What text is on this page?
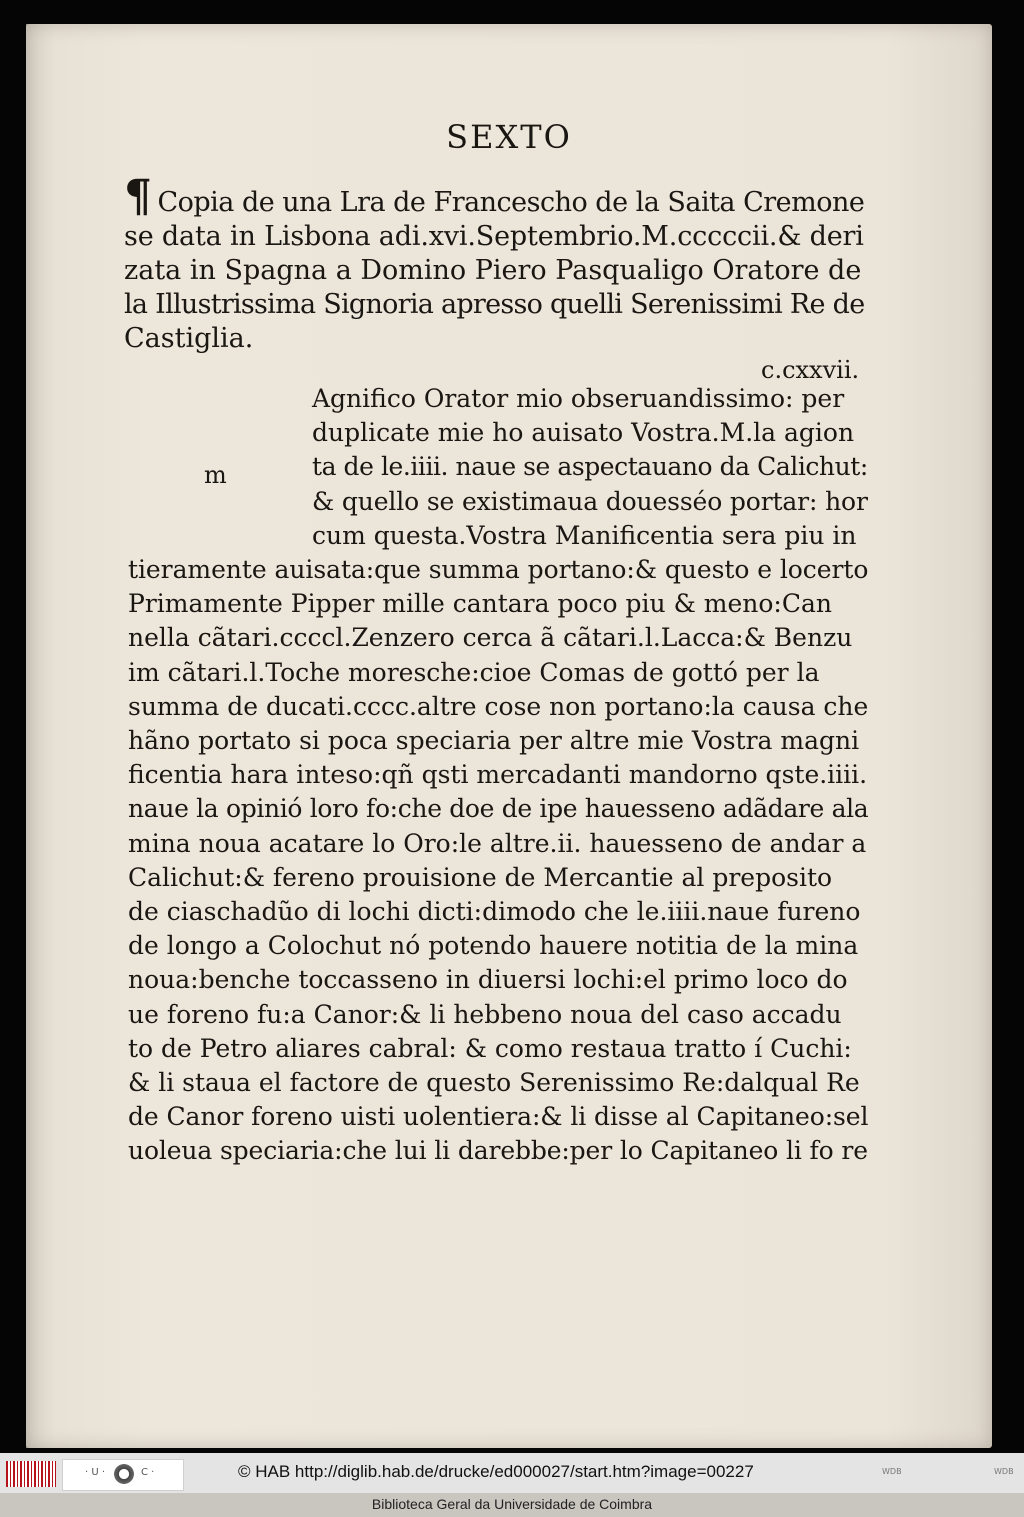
SEXTO
¶ Copia de una Lra de Francescho de la Saita Cremone
se data in Lisbona adi.xvi.Septembrio.M.cccccii.& deri
zata in Spagna a Domino Piero Pasqualigo Oratore de
la Illustrissima Signoria apresso quelli Serenissimi Re de
Castiglia.
c.cxxvii.
m
Agnifico Orator mio obseruandissimo: per
duplicate mie ho auisato Vostra.M.la agion
ta de le.iiii. naue se aspectauano da Calichut:
& quello se existimaua douesséo portar: hor
cum questa.Vostra Manificentia sera piu in
tieramente auisata:que summa portano:& questo e locerto
Primamente Pipper mille cantara poco piu & meno:Can
nella cãtari.ccccl.Zenzero cerca ã cãtari.l.Lacca:& Benzu
im cãtari.l.Toche moresche:cioe Comas de gottó per la
summa de ducati.cccc.altre cose non portano:la causa che
hãno portato si poca speciaria per altre mie Vostra magni
ficentia hara inteso:qñ qsti mercadanti mandorno qste.iiii.
naue la opinió loro fo:che doe de ipe hauesseno adãdare ala
mina noua acatare lo Oro:le altre.ii. hauesseno de andar a
Calichut:& fereno prouisione de Mercantie al preposito
de ciaschadũo di lochi dicti:dimodo che le.iiii.naue fureno
de longo a Colochut nó potendo hauere notitia de la mina
noua:benche toccasseno in diuersi lochi:el primo loco do
ue foreno fu:a Canor:& li hebbeno noua del caso accadu
to de Petro aliares cabral: & como restaua tratto í Cuchi:
& li staua el factore de questo Serenissimo Re:dalqual Re
de Canor foreno uisti uolentiera:& li disse al Capitaneo:sel
uoleua speciaria:che lui li darebbe:per lo Capitaneo li fo re
· U ·	C ·	© HAB http://diglib.hab.de/drucke/ed000027/start.htm?image=00227	WDB	WDB
Biblioteca Geral da Universidade de Coimbra
